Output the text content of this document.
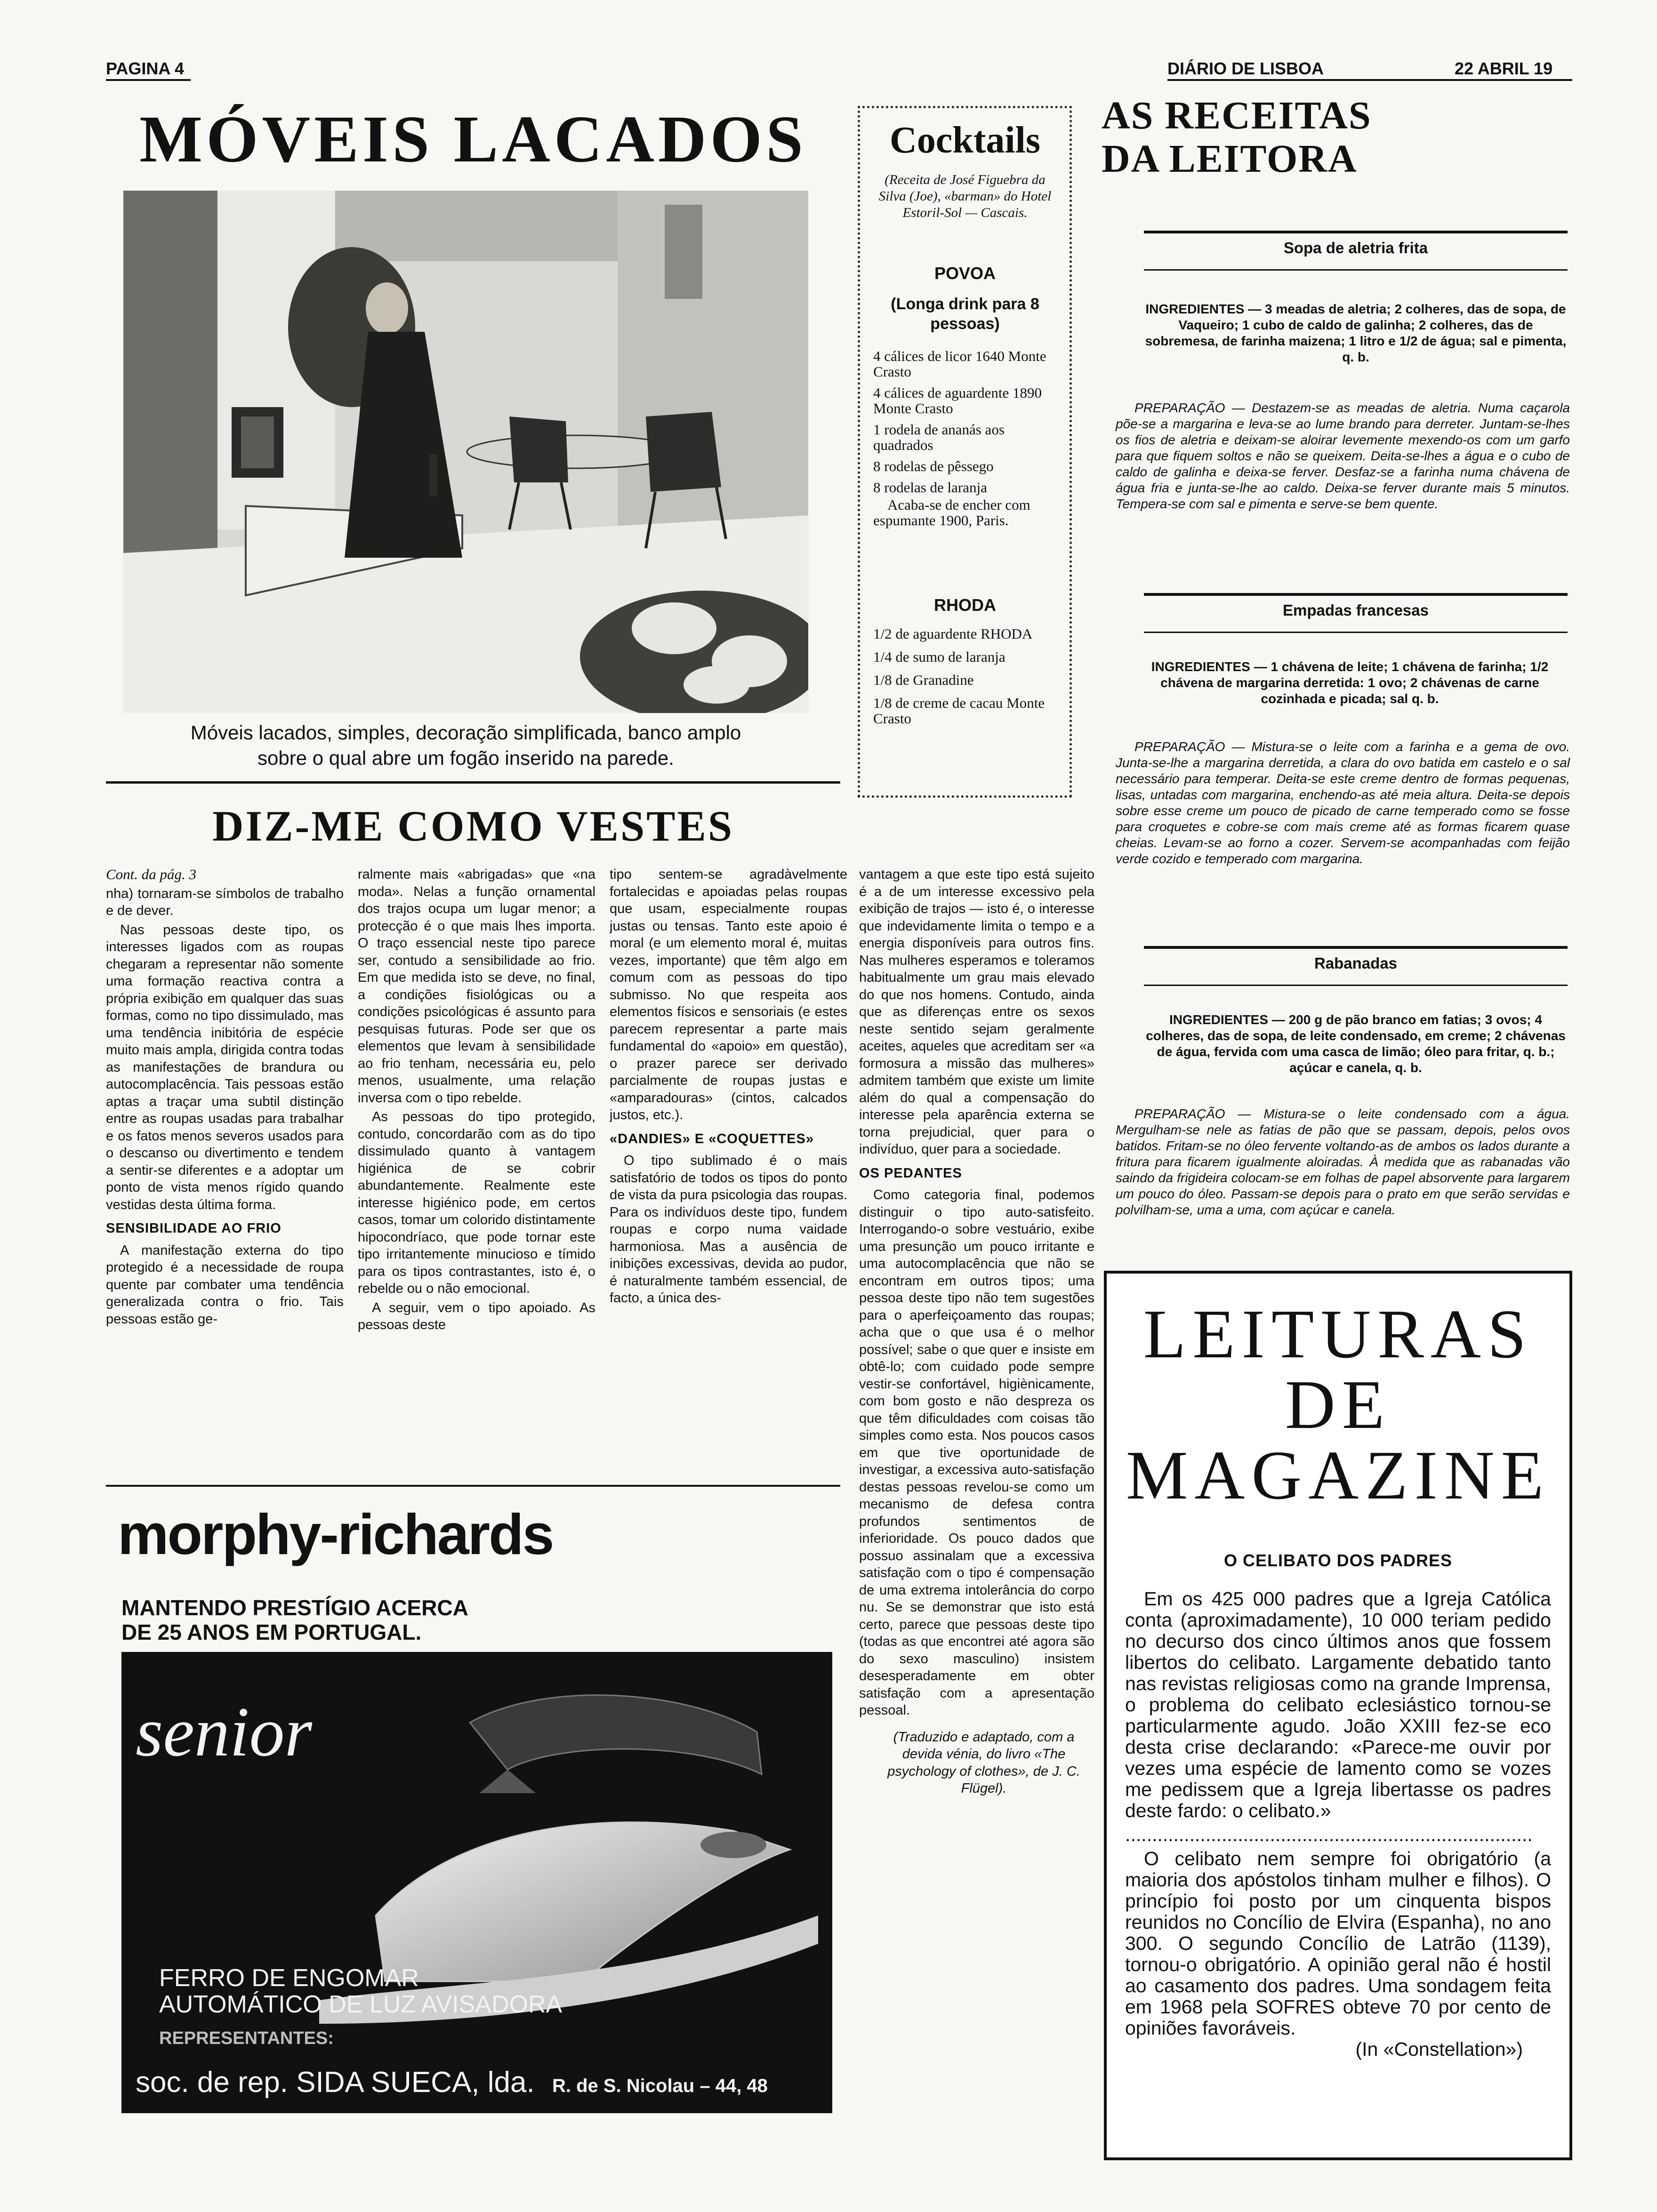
PAGINA 4	DIÁRIO DE LISBOA	22 ABRIL 19
MÓVEIS LACADOS
Móveis lacados, simples, decoração simplificada, banco amplo
sobre o qual abre um fogão inserido na parede.
Cocktails
(Receita de José Figuebra da Silva (Joe), «barman» do Hotel Estoril-Sol — Cascais.
POVOA
(Longa drink para 8 pessoas)

4 cálices de licor 1640 Monte Crasto

4 cálices de aguardente 1890 Monte Crasto

1 rodela de ananás aos quadrados

8 rodelas de pêssego

8 rodelas de laranja

Acaba-se de encher com espumante 1900, Paris.

RHODA

1/2 de aguardente RHODA

1/4 de sumo de laranja

1/8 de Granadine

1/8 de creme de cacau Monte Crasto

AS RECEITAS
DA LEITORA
Sopa de aletria frita
INGREDIENTES — 3 meadas de aletria; 2 colheres, das de sopa, de Vaqueiro; 1 cubo de caldo de galinha; 2 colheres, das de sobremesa, de farinha maizena; 1 litro e 1/2 de água; sal e pimenta, q. b.
PREPARAÇÃO — Destazem-se as meadas de aletria. Numa caçarola põe-se a margarina e leva-se ao lume brando para derreter. Juntam-se-lhes os fios de aletria e deixam-se aloirar levemente mexendo-os com um garfo para que fiquem soltos e não se queixem. Deita-se-lhes a água e o cubo de caldo de galinha e deixa-se ferver. Desfaz-se a farinha numa chávena de água fria e junta-se-lhe ao caldo. Deixa-se ferver durante mais 5 minutos. Tempera-se com sal e pimenta e serve-se bem quente.
Empadas francesas
INGREDIENTES — 1 chávena de leite; 1 chávena de farinha; 1/2 chávena de margarina derretida: 1 ovo; 2 chávenas de carne cozinhada e picada; sal q. b.
PREPARAÇÃO — Mistura-se o leite com a farinha e a gema de ovo. Junta-se-lhe a margarina derretida, a clara do ovo batida em castelo e o sal necessário para temperar. Deita-se este creme dentro de formas pequenas, lisas, untadas com margarina, enchendo-as até meia altura. Deita-se depois sobre esse creme um pouco de picado de carne temperado como se fosse para croquetes e cobre-se com mais creme até as formas ficarem quase cheias. Levam-se ao forno a cozer. Servem-se acompanhadas com feijão verde cozido e temperado com margarina.
Rabanadas
INGREDIENTES — 200 g de pão branco em fatias; 3 ovos; 4 colheres, das de sopa, de leite condensado, em creme; 2 chávenas de água, fervida com uma casca de limão; óleo para fritar, q. b.; açúcar e canela, q. b.
PREPARAÇÃO — Mistura-se o leite condensado com a água. Mergulham-se nele as fatias de pão que se passam, depois, pelos ovos batidos. Fritam-se no óleo fervente voltando-as de ambos os lados durante a fritura para ficarem igualmente aloiradas. À medida que as rabanadas vão saindo da frigideira colocam-se em folhas de papel absorvente para largarem um pouco do óleo. Passam-se depois para o prato em que serão servidas e polvilham-se, uma a uma, com açúcar e canela.
DIZ-ME COMO VESTES

Cont. da pág. 3

nha) tornaram-se símbolos de trabalho e de dever.

Nas pessoas deste tipo, os interesses ligados com as roupas chegaram a representar não somente uma formação reactiva contra a própria exibição em qualquer das suas formas, como no tipo dissimulado, mas uma tendência inibitória de espécie muito mais ampla, dirigida contra todas as manifestações de brandura ou autocomplacência. Tais pessoas estão aptas a traçar uma subtil distinção entre as roupas usadas para trabalhar e os fatos menos severos usados para o descanso ou divertimento e tendem a sentir-se diferentes e a adoptar um ponto de vista menos rígido quando vestidas desta última forma.

SENSIBILIDADE AO FRIO

A manifestação externa do tipo protegido é a necessidade de roupa quente par combater uma tendência generalizada contra o frio. Tais pessoas estão ge-

ralmente mais «abrigadas» que «na moda». Nelas a função ornamental dos trajos ocupa um lugar menor; a protecção é o que mais lhes importa. O traço essencial neste tipo parece ser, contudo a sensibilidade ao frio. Em que medida isto se deve, no final, a condições fisiológicas ou a condições psicológicas é assunto para pesquisas futuras. Pode ser que os elementos que levam à sensibilidade ao frio tenham, necessária eu, pelo menos, usualmente, uma relação inversa com o tipo rebelde.

As pessoas do tipo protegido, contudo, concordarão com as do tipo dissimulado quanto à vantagem higiénica de se cobrir abundantemente. Realmente este interesse higiénico pode, em certos casos, tomar um colorido distintamente hipocondríaco, que pode tornar este tipo irritantemente minucioso e tímido para os tipos contrastantes, isto é, o rebelde ou o não emocional.

A seguir, vem o tipo apoiado. As pessoas deste

tipo sentem-se agradàvelmente fortalecidas e apoiadas pelas roupas que usam, especialmente roupas justas ou tensas. Tanto este apoio é moral (e um elemento moral é, muitas vezes, importante) que têm algo em comum com as pessoas do tipo submisso. No que respeita aos elementos físicos e sensoriais (e estes parecem representar a parte mais fundamental do «apoio» em questão), o prazer parece ser derivado parcialmente de roupas justas e «amparadouras» (cintos, calcados justos, etc.).

«DANDIES» E «COQUETTES»

O tipo sublimado é o mais satisfatório de todos os tipos do ponto de vista da pura psicologia das roupas. Para os indivíduos deste tipo, fundem roupas e corpo numa vaidade harmoniosa. Mas a ausência de inibições excessivas, devida ao pudor, é naturalmente também essencial, de facto, a única des-

vantagem a que este tipo está sujeito é a de um interesse excessivo pela exibição de trajos — isto é, o interesse que indevidamente limita o tempo e a energia disponíveis para outros fins. Nas mulheres esperamos e toleramos habitualmente um grau mais elevado do que nos homens. Contudo, ainda que as diferenças entre os sexos neste sentido sejam geralmente aceites, aqueles que acreditam ser «a formosura a missão das mulheres» admitem também que existe um limite além do qual a compensação do interesse pela aparência externa se torna prejudicial, quer para o indivíduo, quer para a sociedade.

OS PEDANTES

Como categoria final, podemos distinguir o tipo auto-satisfeito. Interrogando-o sobre vestuário, exibe uma presunção um pouco irritante e uma autocomplacência que não se encontram em outros tipos; uma pessoa deste tipo não tem sugestões para o aperfeiçoamento das roupas; acha que o que usa é o melhor possível; sabe o que quer e insiste em obtê-lo; com cuidado pode sempre vestir-se confortável, higiènicamente, com bom gosto e não despreza os que têm dificuldades com coisas tão simples como esta. Nos poucos casos em que tive oportunidade de investigar, a excessiva auto-satisfação destas pessoas revelou-se como um mecanismo de defesa contra profundos sentimentos de inferioridade. Os pouco dados que possuo assinalam que a excessiva satisfação com o tipo é compensação de uma extrema intolerância do corpo nu. Se se demonstrar que isto está certo, parece que pessoas deste tipo (todas as que encontrei até agora são do sexo masculino) insistem desesperadamente em obter satisfação com a apresentação pessoal.

(Traduzido e adaptado, com a devida vénia, do livro «The psychology of clothes», de J. C. Flügel).

morphy-richards
MANTENDO PRESTÍGIO ACERCA
DE 25 ANOS EM PORTUGAL.
senior
FERRO DE ENGOMAR
AUTOMÁTICO DE LUZ AVISADORA
REPRESENTANTES:
soc. de rep. SIDA SUECA, lda. R. de S. Nicolau – 44, 48
LEITURAS
DE
MAGAZINE
O CELIBATO DOS PADRES

Em os 425 000 padres que a Igreja Católica conta (aproximadamente), 10 000 teriam pedido no decurso dos cinco últimos anos que fossem libertos do celibato. Largamente debatido tanto nas revistas religiosas como na grande Imprensa, o problema do celibato eclesiástico tornou-se particularmente agudo. João XXIII fez-se eco desta crise declarando: «Parece-me ouvir por vezes uma espécie de lamento como se vozes me pedissem que a Igreja libertasse os padres deste fardo: o celibato.»

............................................................................

O celibato nem sempre foi obrigatório (a maioria dos apóstolos tinham mulher e filhos). O princípio foi posto por um cinquenta bispos reunidos no Concílio de Elvira (Espanha), no ano 300. O segundo Concílio de Latrão (1139), tornou-o obrigatório. A opinião geral não é hostil ao casamento dos padres. Uma sondagem feita em 1968 pela SOFRES obteve 70 por cento de opiniões favoráveis.

(In «Constellation»)
